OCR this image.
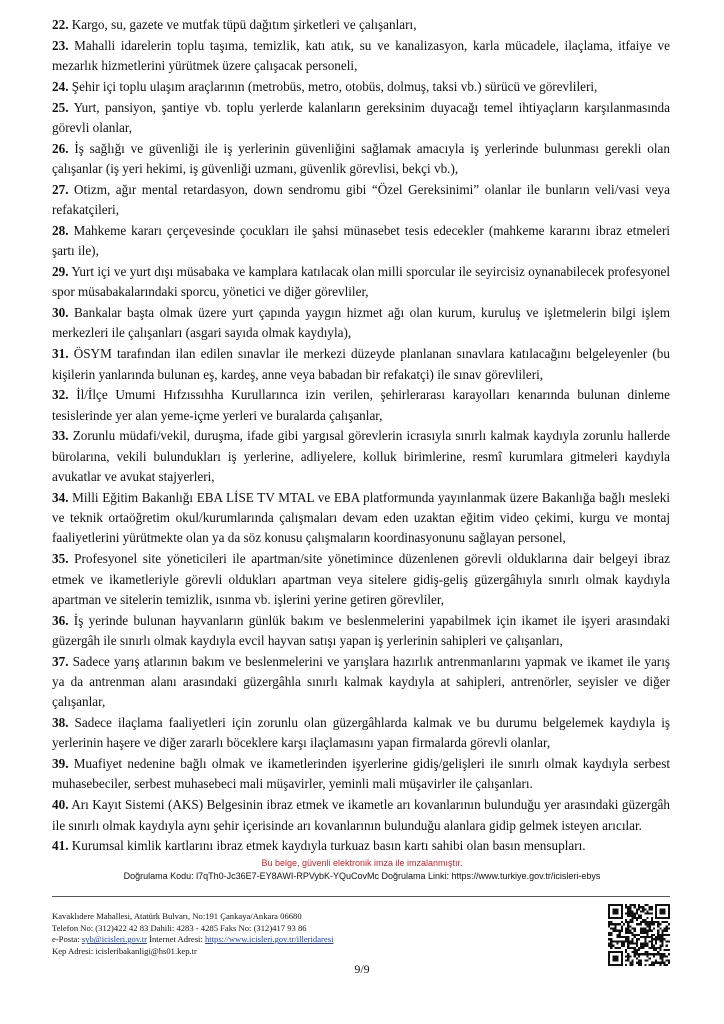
22. Kargo, su, gazete ve mutfak tüpü dağıtım şirketleri ve çalışanları,

23. Mahalli idarelerin toplu taşıma, temizlik, katı atık, su ve kanalizasyon, karla mücadele, ilaçlama, itfaiye ve mezarlık hizmetlerini yürütmek üzere çalışacak personeli,

24. Şehir içi toplu ulaşım araçlarının (metrobüs, metro, otobüs, dolmuş, taksi vb.) sürücü ve görevlileri,

25. Yurt, pansiyon, şantiye vb. toplu yerlerde kalanların gereksinim duyacağı temel ihtiyaçların karşılanmasında görevli olanlar,

26. İş sağlığı ve güvenliği ile iş yerlerinin güvenliğini sağlamak amacıyla iş yerlerinde bulunması gerekli olan çalışanlar (iş yeri hekimi, iş güvenliği uzmanı, güvenlik görevlisi, bekçi vb.),

27. Otizm, ağır mental retardasyon, down sendromu gibi “Özel Gereksinimi” olanlar ile bunların veli/vasi veya refakatçileri,

28. Mahkeme kararı çerçevesinde çocukları ile şahsi münasebet tesis edecekler (mahkeme kararını ibraz etmeleri şartı ile),

29. Yurt içi ve yurt dışı müsabaka ve kamplara katılacak olan milli sporcular ile seyircisiz oynanabilecek profesyonel spor müsabakalarındaki sporcu, yönetici ve diğer görevliler,

30. Bankalar başta olmak üzere yurt çapında yaygın hizmet ağı olan kurum, kuruluş ve işletmelerin bilgi işlem merkezleri ile çalışanları (asgari sayıda olmak kaydıyla),

31. ÖSYM tarafından ilan edilen sınavlar ile merkezi düzeyde planlanan sınavlara katılacağını belgeleyenler (bu kişilerin yanlarında bulunan eş, kardeş, anne veya babadan bir refakatçi) ile sınav görevlileri,

32. İl/İlçe Umumi Hıfzıssıhha Kurullarınca izin verilen, şehirlerarası karayolları kenarında bulunan dinleme tesislerinde yer alan yeme-içme yerleri ve buralarda çalışanlar,

33. Zorunlu müdafi/vekil, duruşma, ifade gibi yargısal görevlerin icrasıyla sınırlı kalmak kaydıyla zorunlu hallerde bürolarına, vekili bulundukları iş yerlerine, adliyelere, kolluk birimlerine, resmî kurumlara gitmeleri kaydıyla avukatlar ve avukat stajyerleri,

34. Milli Eğitim Bakanlığı EBA LİSE TV MTAL ve EBA platformunda yayınlanmak üzere Bakanlığa bağlı mesleki ve teknik ortaöğretim okul/kurumlarında çalışmaları devam eden uzaktan eğitim video çekimi, kurgu ve montaj faaliyetlerini yürütmekte olan ya da söz konusu çalışmaların koordinasyonunu sağlayan personel,

35. Profesyonel site yöneticileri ile apartman/site yönetimince düzenlenen görevli olduklarına dair belgeyi ibraz etmek ve ikametleriyle görevli oldukları apartman veya sitelere gidiş-geliş güzergâhıyla sınırlı olmak kaydıyla apartman ve sitelerin temizlik, ısınma vb. işlerini yerine getiren görevliler,

36. İş yerinde bulunan hayvanların günlük bakım ve beslenmelerini yapabilmek için ikamet ile işyeri arasındaki güzergâh ile sınırlı olmak kaydıyla evcil hayvan satışı yapan iş yerlerinin sahipleri ve çalışanları,

37. Sadece yarış atlarının bakım ve beslenmelerini ve yarışlara hazırlık antrenmanlarını yapmak ve ikamet ile yarış ya da antrenman alanı arasındaki güzergâhla sınırlı kalmak kaydıyla at sahipleri, antrenörler, seyisler ve diğer çalışanlar,

38. Sadece ilaçlama faaliyetleri için zorunlu olan güzergâhlarda kalmak ve bu durumu belgelemek kaydıyla iş yerlerinin haşere ve diğer zararlı böceklere karşı ilaçlamasını yapan firmalarda görevli olanlar,

39. Muafiyet nedenine bağlı olmak ve ikametlerinden işyerlerine gidiş/gelişleri ile sınırlı olmak kaydıyla serbest muhasebeciler, serbest muhasebeci mali müşavirler, yeminli mali müşavirler ile çalışanları.

40. Arı Kayıt Sistemi (AKS) Belgesinin ibraz etmek ve ikametle arı kovanlarının bulunduğu yer arasındaki güzergâh ile sınırlı olmak kaydıyla aynı şehir içerisinde arı kovanlarının bulunduğu alanlara gidip gelmek isteyen arıcılar.

41. Kurumsal kimlik kartlarını ibraz etmek kaydıyla turkuaz basın kartı sahibi olan basın mensupları.

Bu belge, güvenli elektronik imza ile imzalanmıştır.
Doğrulama Kodu: l7qTh0-Jc36E7-EY8AWI-RPVybK-YQuCovMc Doğrulama Linki: https://www.turkiye.gov.tr/icisleri-ebys
Kavaklıdere Mahallesi, Atatürk Bulvarı, No:191 Çankaya/Ankara 06680
Telefon No: (312)422 42 83 Dahili: 4283 - 4285 Faks No: (312)417 93 86
e-Posta: syb@icisleri.gov.tr İnternet Adresi: https://www.icisleri.gov.tr/illeridaresi
Kep Adresi: icisleribakanligi@hs01.kep.tr
9/9
